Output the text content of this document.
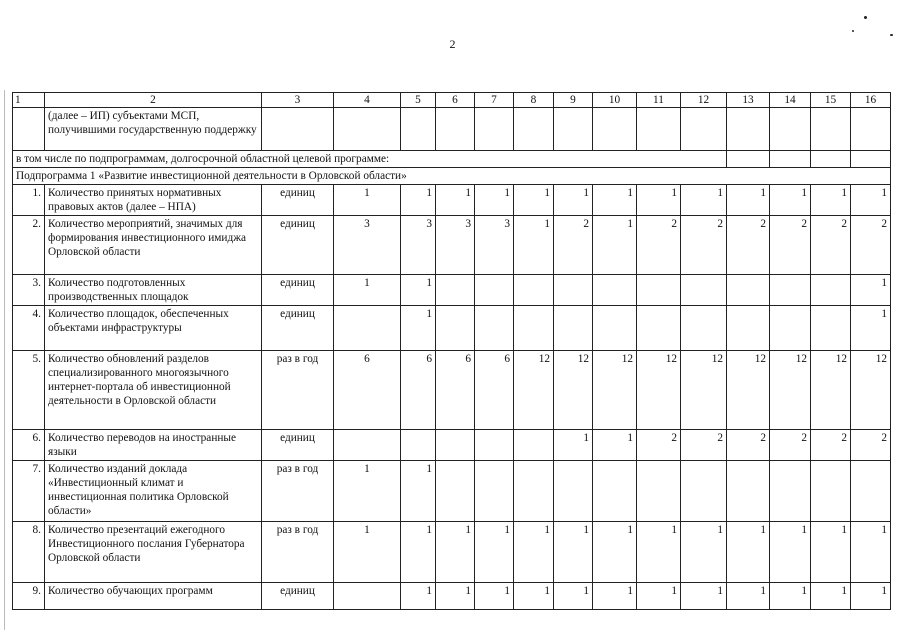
2
1	2	3	4	5	6	7	8	9	10	11	12	13	14	15	16
	(далее – ИП) субъектами МСП, получившими государственную поддержку														
в том числе по подпрограммам, долгосрочной областной целевой программе:															
Подпрограмма 1 «Развитие инвестиционной деятельности в Орловской области»															
1.	Количество принятых нормативных правовых актов (далее – НПА)	единиц	1	1	1	1	1	1	1	1	1	1	1	1	1
2.	Количество мероприятий, значимых для формирования инвестиционного имиджа Орловской области	единиц	3	3	3	3	1	2	1	2	2	2	2	2	2
3.	Количество подготовленных производственных площадок	единиц	1	1											1
4.	Количество площадок, обеспеченных объектами инфраструктуры	единиц		1											1
5.	Количество обновлений разделов специализированного многоязычного интернет-портала об инвестиционной деятельности в Орловской области	раз в год	6	6	6	6	12	12	12	12	12	12	12	12	12
6.	Количество переводов на иностранные языки	единиц						1	1	2	2	2	2	2	2
7.	Количество изданий доклада «Инвестиционный климат и инвестиционная политика Орловской области»	раз в год	1	1											
8.	Количество презентаций ежегодного Инвестиционного послания Губернатора Орловской области	раз в год	1	1	1	1	1	1	1	1	1	1	1	1	1
9.	Количество обучающих программ	единиц		1	1	1	1	1	1	1	1	1	1	1	1
